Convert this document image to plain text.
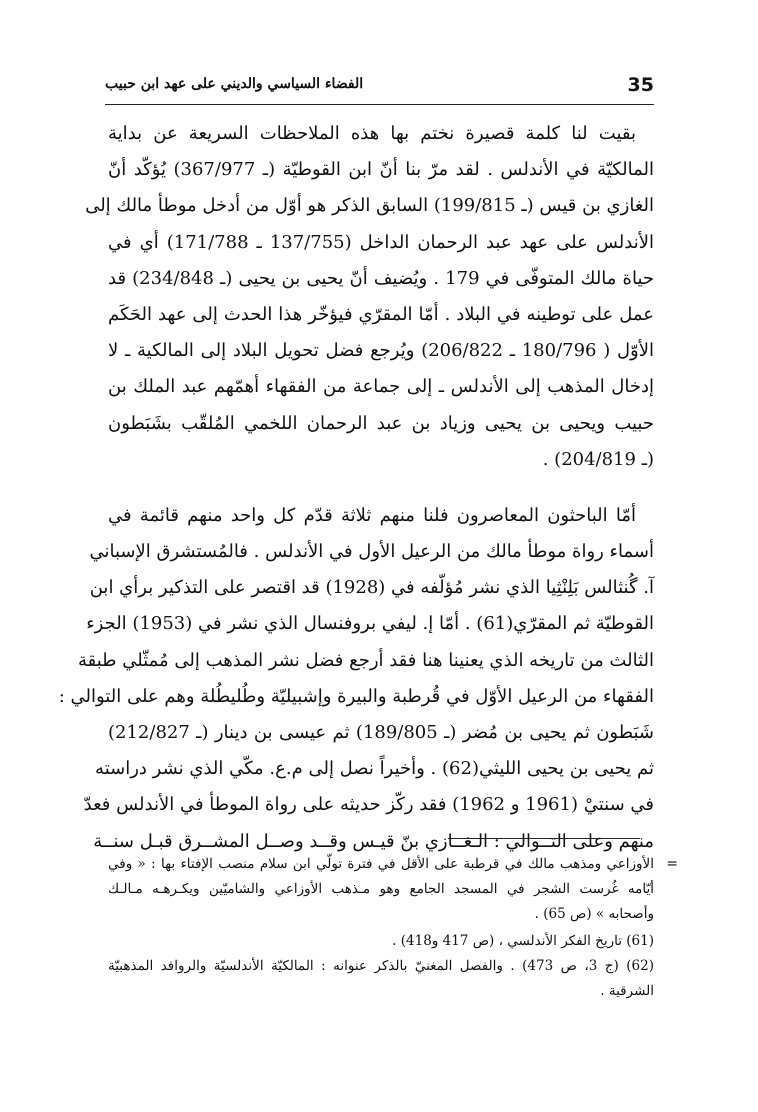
35
الفضاء السياسي والديني على عهد ابن حبيب
بقيت لنا كلمة قصيرة نختم بها هذه الملاحظات السريعة عن بداية
المالكيّة في الأندلس . لقد مرّ بنا أنّ ابن القوطيّة (ـ 367/977) يُؤكّد أنّ
الغازي بن قيس (ـ 199/815) السابق الذكر هو أوّل من أدخل موطأ مالك إلى
الأندلس على عهد عبد الرحمان الداخل (137/755 ـ 171/788) أي في
حياة مالك المتوفّى في 179 . ويُضيف أنّ يحيى بن يحيى (ـ 234/848) قد
عمل على توطينه في البلاد . أمّا المقرّي فيؤخّر هذا الحدث إلى عهد الحَكَم
الأوّل ( 180/796 ـ 206/822) ويُرجع فضل تحويل البلاد إلى المالكية ـ لا
إدخال المذهب إلى الأندلس ـ إلى جماعة من الفقهاء أهمّهم عبد الملك بن
حبيب ويحيى بن يحيى وزياد بن عبد الرحمان اللخمي المُلقّب بشَبَطون
(ـ 204/819) .
أمّا الباحثون المعاصرون فلنا منهم ثلاثة قدّم كل واحد منهم قائمة في
أسماء رواة موطأ مالك من الرعيل الأول في الأندلس . فالمُستشرق الإسباني
آ. گُنثالس بَلِنْثِيا الذي نشر مُؤلّفه في (1928) قد اقتصر على التذكير برأي ابن
القوطيّة ثم المقرّي(61) . أمّا إ. ليفي بروفنسال الذي نشر في (1953) الجزء
الثالث من تاريخه الذي يعنينا هنا فقد أرجع فضل نشر المذهب إلى مُمثّلي طبقة
الفقهاء من الرعيل الأوّل في قُرطبة والبيرة وإشبيليّة وطُليطُلة وهم على التوالي :
شَبَطون ثم يحيى بن مُضر (ـ 189/805) ثم عيسى بن دينار (ـ 212/827)
ثم يحيى بن يحيى الليثي(62) . وأخيراً نصل إلى م.ع. مكّي الذي نشر دراسته
في سنتيْ (1961 و 1962) فقد ركّز حديثه على رواة الموطأ في الأندلس فعدّ
منهم وعلى التــوالي : الـغــازي بنّ قيـس وقــد وصــل المشــرق قبـل سنــة
=
الأوزاعي ومذهب مالك في قرطبة على الأقل في فترة تولّي ابن سلام منصب الإفتاء بها : « وفي
أيّامه غُرست الشجر في المسجد الجامع وهو مـذهب الأوزاعي والشاميّين ويكـرهـه مـالـك
وأصحابه » (ص 65) .
(61) تاريخ الفكر الأندلسي ، (ص 417 و418) .
(62) (ج 3، ص 473) . والفصل المغنيّ بالذكر عنوانه : المالكيّة الأندلسيّة والروافد المذهبيّة
الشرقية .
